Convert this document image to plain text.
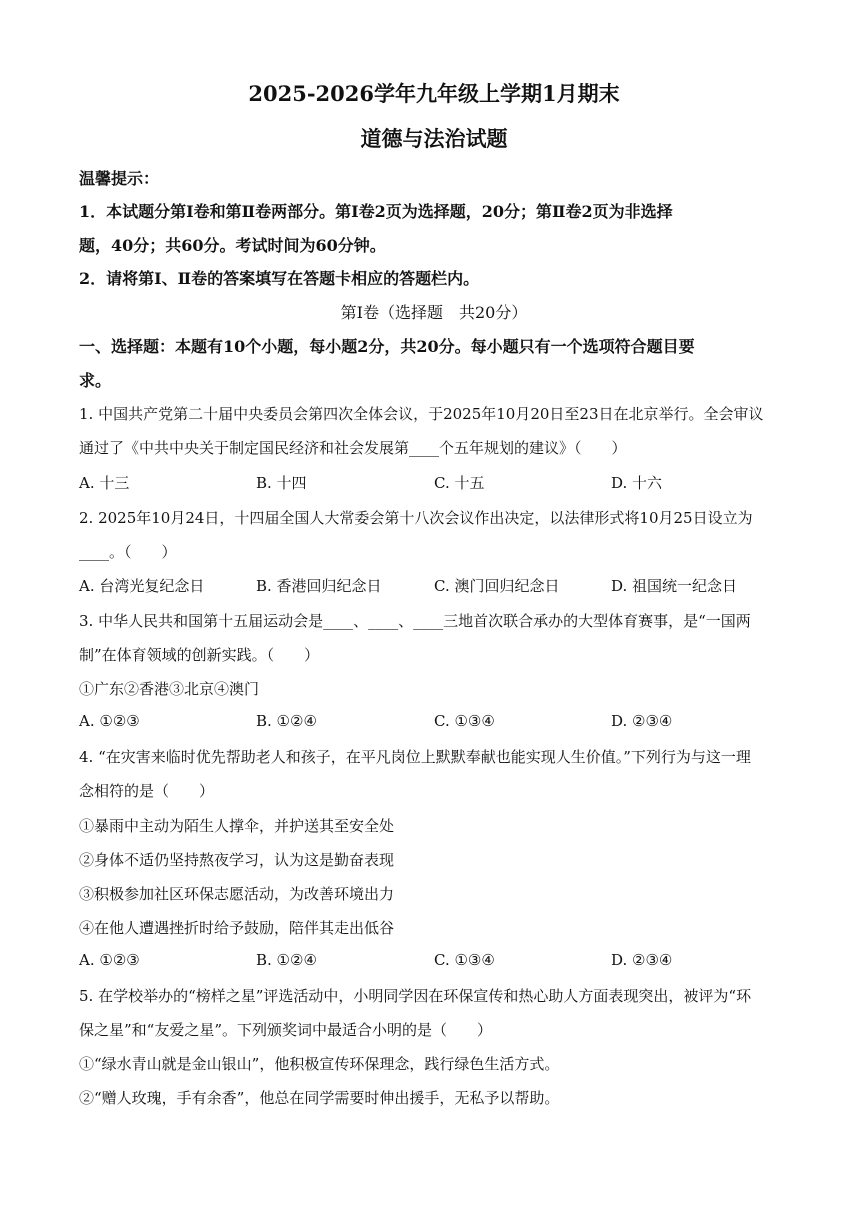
2025-2026学年九年级上学期1月期末
道德与法治试题
温馨提示：
1．本试题分第Ⅰ卷和第Ⅱ卷两部分。第Ⅰ卷2页为选择题，20分；第Ⅱ卷2页为非选择
题，40分；共60分。考试时间为60分钟。
2．请将第Ⅰ、Ⅱ卷的答案填写在答题卡相应的答题栏内。
第Ⅰ卷（选择题　共20分）
一、选择题：本题有10个小题，每小题2分，共20分。每小题只有一个选项符合题目要
求。
1. 中国共产党第二十届中央委员会第四次全体会议，于2025年10月20日至23日在北京举行。全会审议
通过了《中共中央关于制定国民经济和社会发展第____个五年规划的建议》（　　）
A. 十三	B. 十四	C. 十五	D. 十六
2. 2025年10月24日，十四届全国人大常委会第十八次会议作出决定，以法律形式将10月25日设立为
____。（　　）
A. 台湾光复纪念日	B. 香港回归纪念日	C. 澳门回归纪念日	D. 祖国统一纪念日
3. 中华人民共和国第十五届运动会是____、____、____三地首次联合承办的大型体育赛事，是“一国两
制”在体育领域的创新实践。（　　）
①广东②香港③北京④澳门
A. ①②③	B. ①②④	C. ①③④	D. ②③④
4. “在灾害来临时优先帮助老人和孩子，在平凡岗位上默默奉献也能实现人生价值。”下列行为与这一理
念相符的是（　　）
①暴雨中主动为陌生人撑伞，并护送其至安全处
②身体不适仍坚持熬夜学习，认为这是勤奋表现
③积极参加社区环保志愿活动，为改善环境出力
④在他人遭遇挫折时给予鼓励，陪伴其走出低谷
A. ①②③	B. ①②④	C. ①③④	D. ②③④
5. 在学校举办的“榜样之星”评选活动中，小明同学因在环保宣传和热心助人方面表现突出，被评为“环
保之星”和“友爱之星”。下列颁奖词中最适合小明的是（　　）
①“绿水青山就是金山银山”，他积极宣传环保理念，践行绿色生活方式。
②“赠人玫瑰，手有余香”，他总在同学需要时伸出援手，无私予以帮助。
